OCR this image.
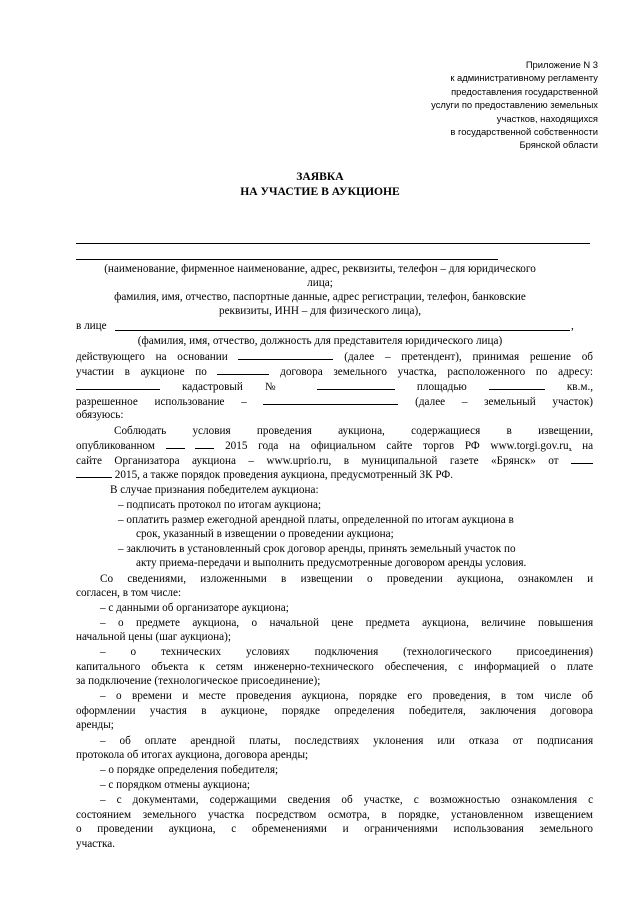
Приложение N 3
к административному регламенту
предоставления государственной
услуги по предоставлению земельных
участков, находящихся
в государственной собственности
Брянской области
ЗАЯВКА
НА УЧАСТИЕ В АУКЦИОНЕ
(наименование, фирменное наименование, адрес, реквизиты, телефон – для юридического
лица;
фамилия, имя, отчество, паспортные данные, адрес регистрации, телефон, банковские
реквизиты, ИНН – для физического лица),
в лице	,
(фамилия, имя, отчество, должность для представителя юридического лица)
действующего на основании	(далее – претендент), принимая решение об
участии в аукционе по	договора земельного участка, расположенного по адресу:
кадастровый №	площадью	кв.м.,
разрешенное использование –	(далее – земельный участок)
обязуюсь:
Соблюдать условия проведения аукциона, содержащиеся в извещении,
опубликованном	2015 года на официальном сайте торгов РФ www.torgi.gov.ru, на
сайте Организатора аукциона – www.uprio.ru, в муниципальной газете «Брянск» от
2015, а также порядок проведения аукциона, предусмотренный ЗК РФ.
В случае признания победителем аукциона:
– подписать протокол по итогам аукциона;
– оплатить размер ежегодной арендной платы, определенной по итогам аукциона в
срок, указанный в извещении о проведении аукциона;
– заключить в установленный срок договор аренды, принять земельный участок по
акту приема-передачи и выполнить предусмотренные договором аренды условия.
Со сведениями, изложенными в извещении о проведении аукциона, ознакомлен и
согласен, в том числе:
– с данными об организаторе аукциона;
– о предмете аукциона, о начальной цене предмета аукциона, величине повышения
начальной цены (шаг аукциона);
– о технических условиях подключения (технологического присоединения)
капитального объекта к сетям инженерно-технического обеспечения, с информацией о плате
за подключение (технологическое присоединение);
– о времени и месте проведения аукциона, порядке его проведения, в том числе об
оформлении участия в аукционе, порядке определения победителя, заключения договора
аренды;
– об оплате арендной платы, последствиях уклонения или отказа от подписания
протокола об итогах аукциона, договора аренды;
– о порядке определения победителя;
– с порядком отмены аукциона;
– с документами, содержащими сведения об участке, с возможностью ознакомления с
состоянием земельного участка посредством осмотра, в порядке, установленном извещением
о проведении аукциона, с обременениями и ограничениями использования земельного
участка.
